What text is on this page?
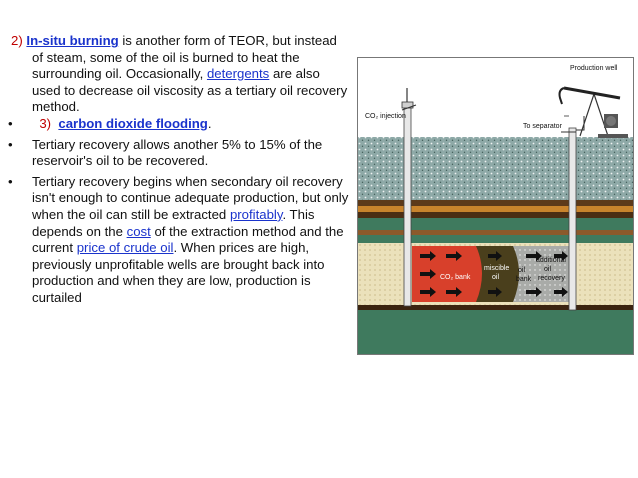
2) In-situ burning is another form of TEOR, but instead of steam, some of the oil is burned to heat the surrounding oil. Occasionally, detergents are also used to decrease oil viscosity as a tertiary oil recovery method.
• 3) carbon dioxide flooding.
• Tertiary recovery allows another 5% to 15% of the reservoir's oil to be recovered.
• Tertiary recovery begins when secondary oil recovery isn't enough to continue adequate production, but only when the oil can still be extracted profitably. This depends on the cost of the extraction method and the current price of crude oil. When prices are high, previously unprofitable wells are brought back into production and when they are low, production is curtailed
Production well
CO₂ injection
To separator
CO₂ bank
miscible
oil
oil
bank
additional
oil
recovery
